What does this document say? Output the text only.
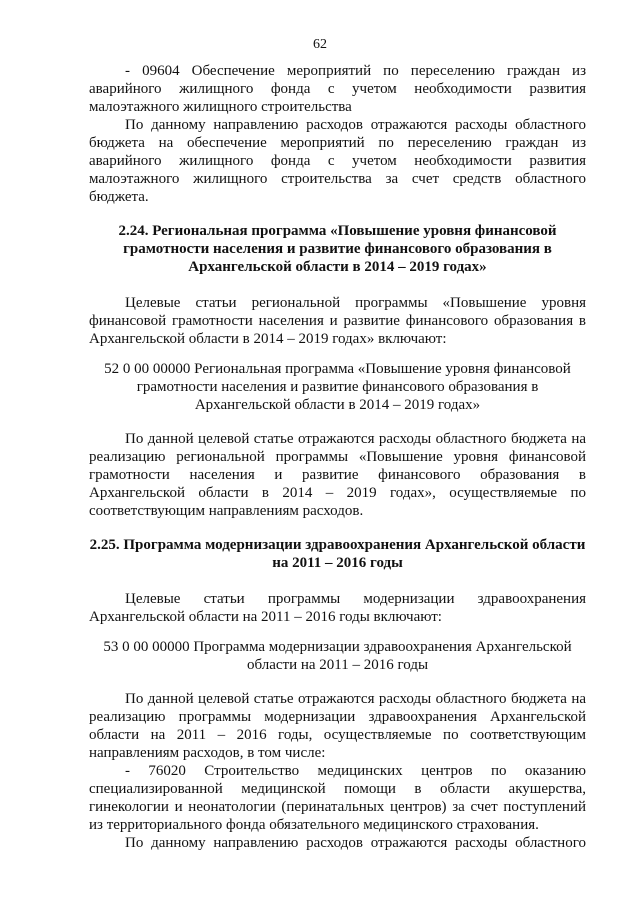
62

- 09604 Обеспечение мероприятий по переселению граждан из

аварийного жилищного фонда с учетом необходимости развития

малоэтажного жилищного строительства

По данному направлению расходов отражаются расходы областного

бюджета на обеспечение мероприятий по переселению граждан из

аварийного жилищного фонда с учетом необходимости развития

малоэтажного жилищного строительства за счет средств областного

бюджета.

2.24. Региональная программа «Повышение уровня финансовой

грамотности населения и развитие финансового образования в

Архангельской области в 2014 – 2019 годах»

Целевые статьи региональной программы «Повышение уровня

финансовой грамотности населения и развитие финансового образования в

Архангельской области в 2014 – 2019 годах» включают:

52 0 00 00000 Региональная программа «Повышение уровня финансовой

грамотности населения и развитие финансового образования в

Архангельской области в 2014 – 2019 годах»

По данной целевой статье отражаются расходы областного бюджета на

реализацию региональной программы «Повышение уровня финансовой

грамотности населения и развитие финансового образования в

Архангельской области в 2014 – 2019 годах», осуществляемые по

соответствующим направлениям расходов.

2.25. Программа модернизации здравоохранения Архангельской области

на 2011 – 2016 годы

Целевые статьи программы модернизации здравоохранения

Архангельской области на 2011 – 2016 годы включают:

53 0 00 00000 Программа модернизации здравоохранения Архангельской

области на 2011 – 2016 годы

По данной целевой статье отражаются расходы областного бюджета на

реализацию программы модернизации здравоохранения Архангельской

области на 2011 – 2016 годы, осуществляемые по соответствующим

направлениям расходов, в том числе:

- 76020 Строительство медицинских центров по оказанию

специализированной медицинской помощи в области акушерства,

гинекологии и неонатологии (перинатальных центров) за счет поступлений

из территориального фонда обязательного медицинского страхования.

По данному направлению расходов отражаются расходы областного
